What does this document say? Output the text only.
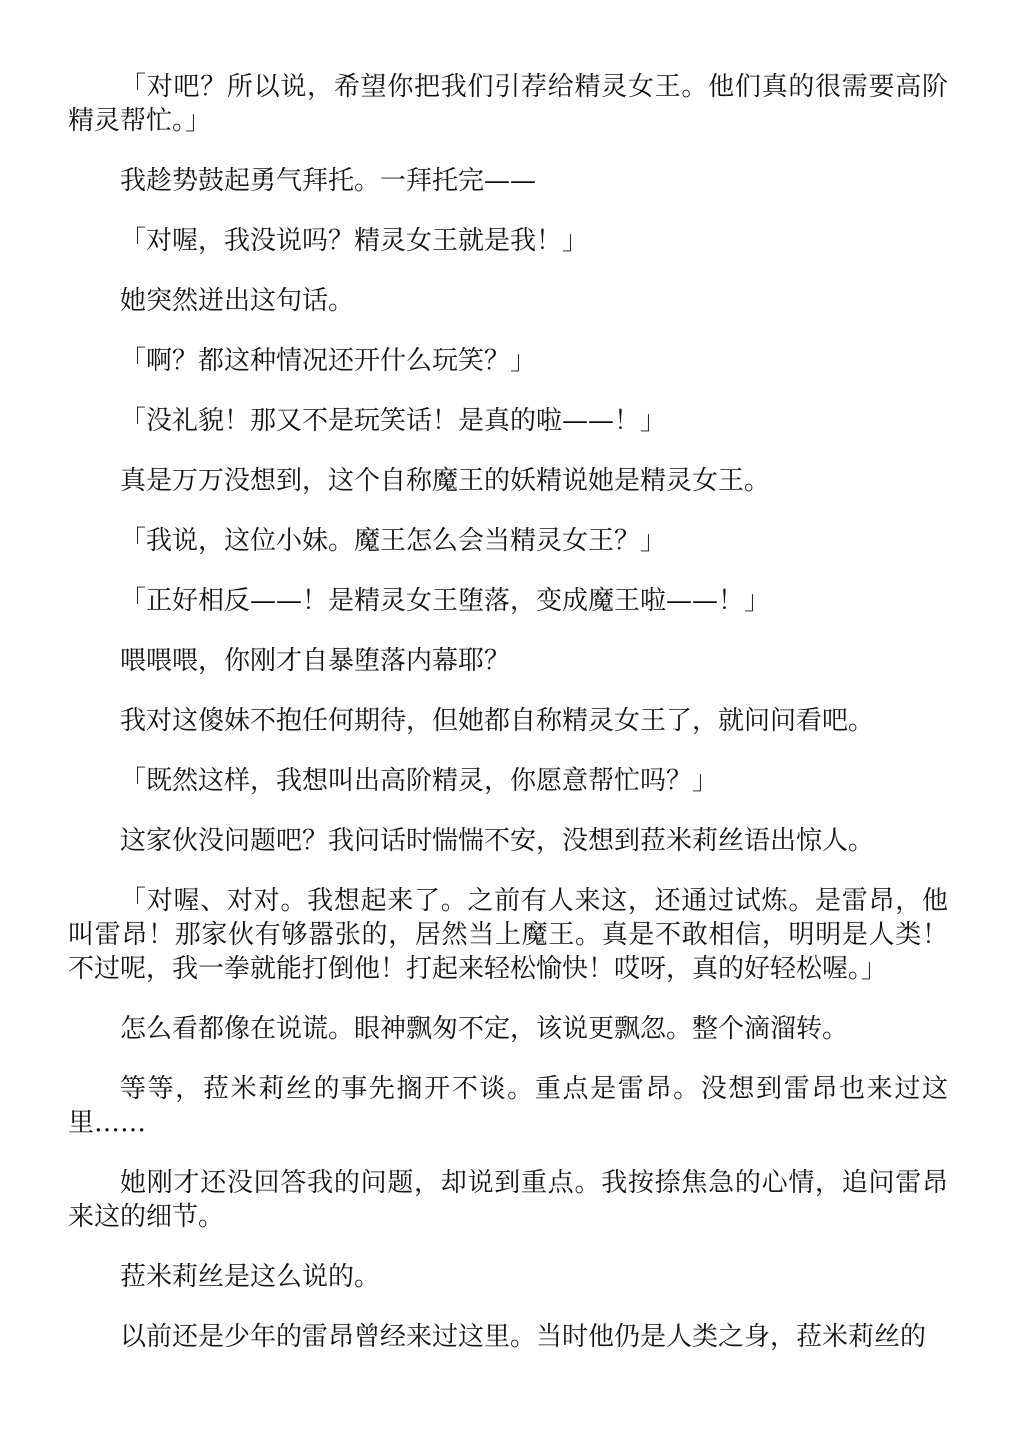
「对吧？所以说，希望你把我们引荐给精灵女王。他们真的很需要高阶精灵帮忙。」

我趁势鼓起勇气拜托。一拜托完——

「对喔，我没说吗？精灵女王就是我！」

她突然迸出这句话。

「啊？都这种情况还开什么玩笑？」

「没礼貌！那又不是玩笑话！是真的啦——！」

真是万万没想到，这个自称魔王的妖精说她是精灵女王。

「我说，这位小妹。魔王怎么会当精灵女王？」

「正好相反——！是精灵女王堕落，变成魔王啦——！」

喂喂喂，你刚才自暴堕落内幕耶？

我对这傻妹不抱任何期待，但她都自称精灵女王了，就问问看吧。

「既然这样，我想叫出高阶精灵，你愿意帮忙吗？」

这家伙没问题吧？我问话时惴惴不安，没想到菈米莉丝语出惊人。

「对喔、对对。我想起来了。之前有人来这，还通过试炼。是雷昂，他叫雷昂！那家伙有够嚣张的，居然当上魔王。真是不敢相信，明明是人类！不过呢，我一拳就能打倒他！打起来轻松愉快！哎呀，真的好轻松喔。」

怎么看都像在说谎。眼神飘匆不定，该说更飘忽。整个滴溜转。

等等，菈米莉丝的事先搁开不谈。重点是雷昂。没想到雷昂也来过这里……

她刚才还没回答我的问题，却说到重点。我按捺焦急的心情，追问雷昂来这的细节。

菈米莉丝是这么说的。

以前还是少年的雷昂曾经来过这里。当时他仍是人类之身，菈米莉丝的
